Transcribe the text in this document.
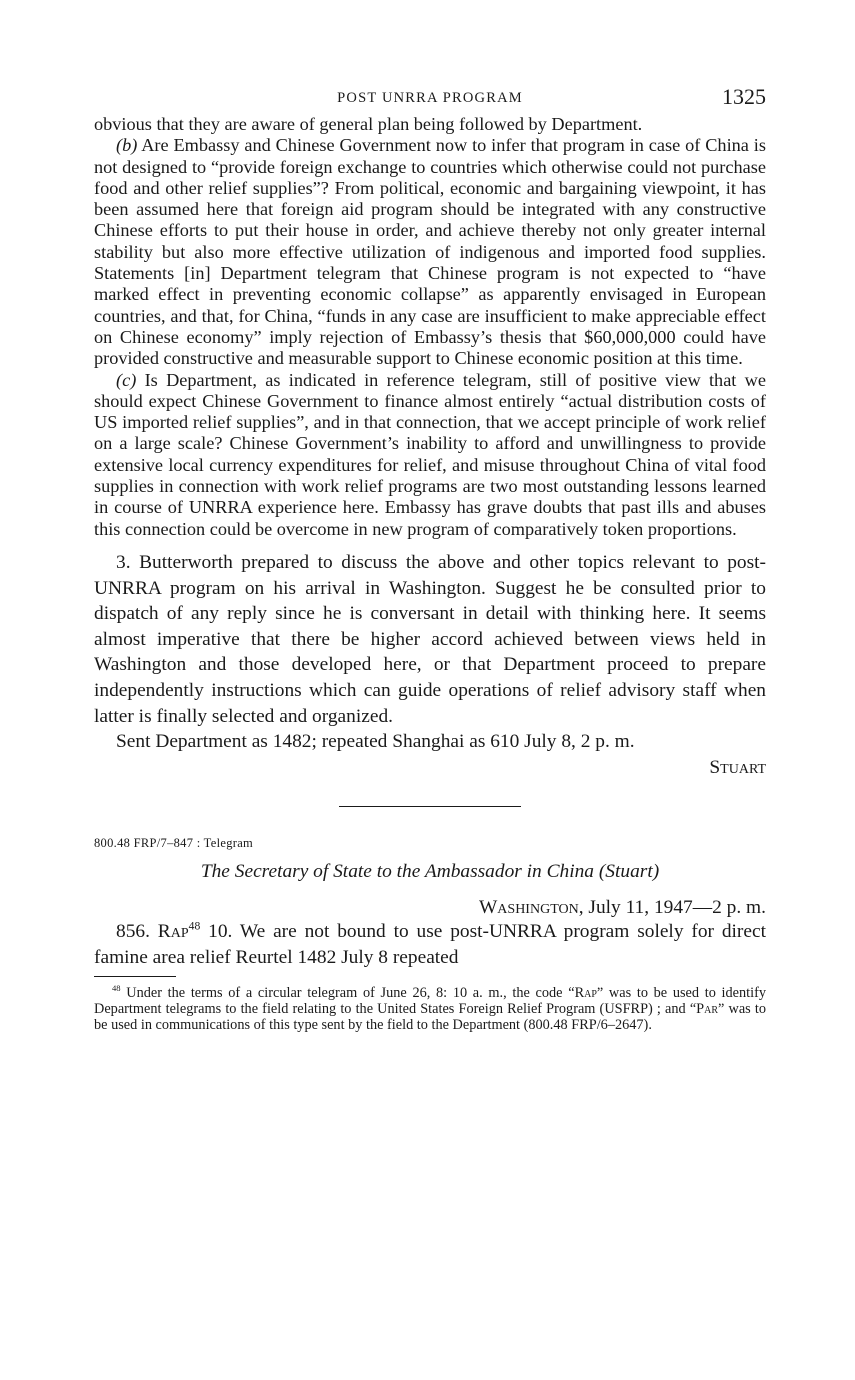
POST UNRRA PROGRAM	1325

obvious that they are aware of general plan being followed by Department.

(b) Are Embassy and Chinese Government now to infer that program in case of China is not designed to “provide foreign exchange to countries which otherwise could not purchase food and other relief supplies”? From political, economic and bargaining viewpoint, it has been assumed here that foreign aid program should be integrated with any constructive Chinese efforts to put their house in order, and achieve thereby not only greater internal stability but also more effective utilization of indigenous and imported food supplies. Statements [in] Department telegram that Chinese program is not expected to “have marked effect in preventing economic collapse” as apparently envisaged in European countries, and that, for China, “funds in any case are insufficient to make appreciable effect on Chinese economy” imply rejection of Embassy’s thesis that $60,000,000 could have provided constructive and measurable support to Chinese economic position at this time.

(c) Is Department, as indicated in reference telegram, still of positive view that we should expect Chinese Government to finance almost entirely “actual distribution costs of US imported relief supplies”, and in that connection, that we accept principle of work relief on a large scale? Chinese Government’s inability to afford and unwillingness to provide extensive local currency expenditures for relief, and misuse throughout China of vital food supplies in connection with work relief programs are two most outstanding lessons learned in course of UNRRA experience here. Embassy has grave doubts that past ills and abuses this connection could be overcome in new program of comparatively token proportions.

3. Butterworth prepared to discuss the above and other topics relevant to post-UNRRA program on his arrival in Washington. Suggest he be consulted prior to dispatch of any reply since he is conversant in detail with thinking here. It seems almost imperative that there be higher accord achieved between views held in Washington and those developed here, or that Department proceed to prepare independently instructions which can guide operations of relief advisory staff when latter is finally selected and organized.

Sent Department as 1482; repeated Shanghai as 610 July 8, 2 p. m.

Stuart

800.48 FRP/7–847 : Telegram
The Secretary of State to the Ambassador in China (Stuart)
Washington, July 11, 1947—2 p. m.

856. Rap$^{48}$ 10. We are not bound to use post-UNRRA program solely for direct famine area relief Reurtel 1482 July 8 repeated

$^{48}$ Under the terms of a circular telegram of June 26, 8: 10 a. m., the code “Rap” was to be used to identify Department telegrams to the field relating to the United States Foreign Relief Program (USFRP) ; and “Par” was to be used in communications of this type sent by the field to the Department (800.48 FRP/6–2647).
